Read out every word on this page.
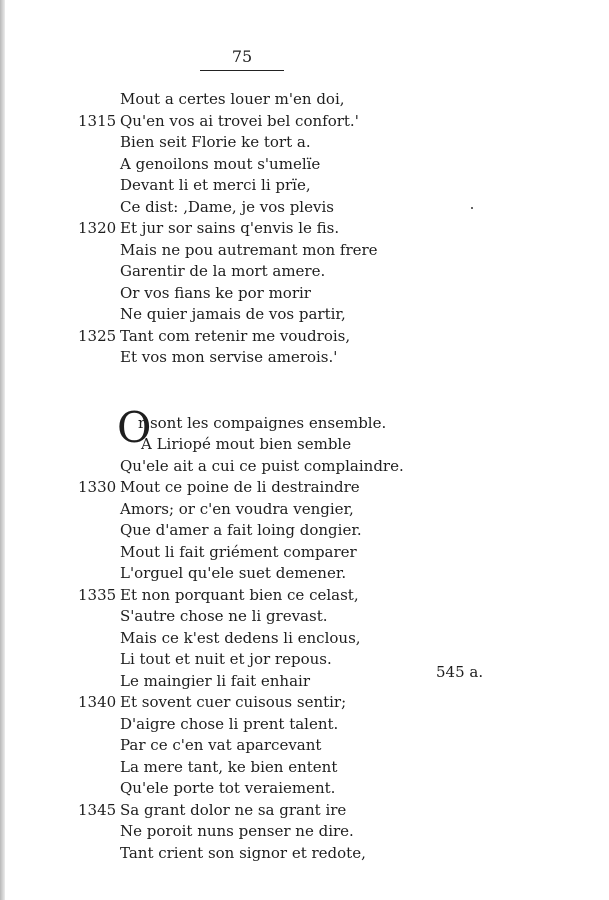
75
Mout a certes louer m'en doi,
1315 Qu'en vos ai trovei bel confort.'
Bien seit Florie ke tort a.
A genoilons mout s'umelïe
Devant li et merci li prïe,
Ce dist: ‚Dame, je vos plevis
1320 Et jur sor sains q'envis le fis.
Mais ne pou autremant mon frere
Garentir de la mort amere.
Or vos fians ke por morir
Ne quier jamais de vos partir,
1325 Tant com retenir me voudrois,
Et vos mon servise amerois.'
O
r sont les compaignes ensemble.
A Liriopé mout bien semble
Qu'ele ait a cui ce puist complaindre.
1330 Mout ce poine de li destraindre
Amors; or c'en voudra vengier,
Que d'amer a fait loing dongier.
Mout li fait griément comparer
L'orguel qu'ele suet demener.
1335 Et non porquant bien ce celast,
S'autre chose ne li grevast.
Mais ce k'est dedens li enclous,
Li tout et nuit et jor repous.
Le maingier li fait enhair
1340 Et sovent cuer cuisous sentir;
D'aigre chose li prent talent.
Par ce c'en vat aparcevant
La mere tant, ke bien entent
Qu'ele porte tot veraiement.
1345 Sa grant dolor ne sa grant ire
Ne poroit nuns penser ne dire.
Tant crient son signor et redote,
545 a.
